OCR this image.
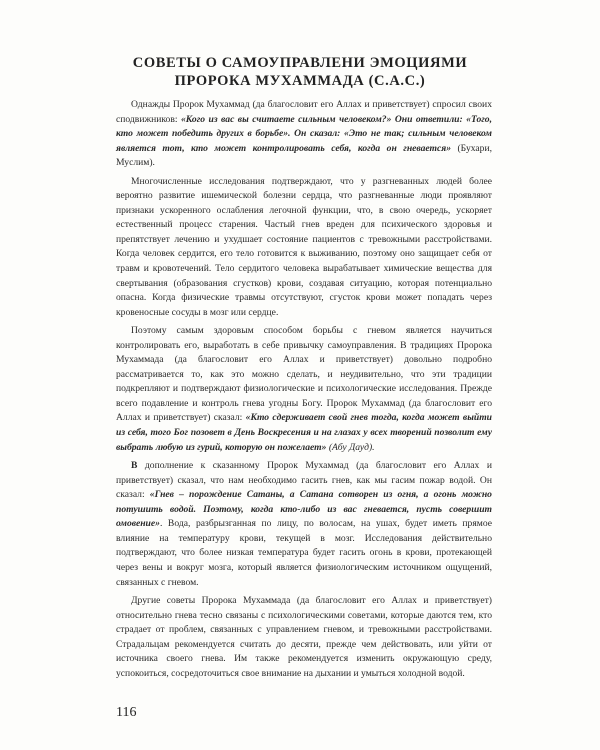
СОВЕТЫ О САМОУПРАВЛЕНИ ЭМОЦИЯМИ
ПРОРОКА МУХАММАДА (С.А.С.)

Однажды Пророк Мухаммад (да благословит его Аллах и приветствует) спросил своих сподвижников: «Кого из вас вы считаете сильным человеком?» Они ответили: «Того, кто может победить других в борьбе». Он сказал: «Это не так; сильным человеком является тот, кто может контролировать себя, когда он гневается» (Бухари, Муслим).

Многочисленные исследования подтверждают, что у разгневанных людей более вероятно развитие ишемической болезни сердца, что разгневанные люди проявляют признаки ускоренного ослабления легочной функции, что, в свою очередь, ускоряет естественный процесс старения. Частый гнев вреден для психического здоровья и препятствует лечению и ухудшает состояние пациентов с тревожными расстройствами. Когда человек сердится, его тело готовится к выживанию, поэтому оно защищает себя от травм и кровотечений. Тело сердитого человека вырабатывает химические вещества для свертывания (образования сгустков) крови, создавая ситуацию, которая потенциально опасна. Когда физические травмы отсутствуют, сгусток крови может попадать через кровеносные сосуды в мозг или сердце.

Поэтому самым здоровым способом борьбы с гневом является научиться контролировать его, выработать в себе привычку самоуправления. В традициях Пророка Мухаммада (да благословит его Аллах и приветствует) довольно подробно рассматривается то, как это можно сделать, и неудивительно, что эти традиции подкрепляют и подтверждают физиологические и психологические исследования. Прежде всего подавление и контроль гнева угодны Богу. Пророк Мухаммад (да благословит его Аллах и приветствует) сказал: «Кто сдерживает свой гнев тогда, когда может выйти из себя, того Бог позовет в День Воскресения и на глазах у всех творений позволит ему выбрать любую из гурий, которую он пожелает» (Абу Дауд).

В дополнение к сказанному Пророк Мухаммад (да благословит его Аллах и приветствует) сказал, что нам необходимо гасить гнев, как мы гасим пожар водой. Он сказал: «Гнев – порождение Сатаны, а Сатана сотворен из огня, а огонь можно потушить водой. Поэтому, когда кто-либо из вас гневается, пусть совершит омовение». Вода, разбрызганная по лицу, по волосам, на ушах, будет иметь прямое влияние на температуру крови, текущей в мозг. Исследования действительно подтверждают, что более низкая температура будет гасить огонь в крови, протекающей через вены и вокруг мозга, который является физиологическим источником ощущений, связанных с гневом.

Другие советы Пророка Мухаммада (да благословит его Аллах и приветствует) относительно гнева тесно связаны с психологическими советами, которые даются тем, кто страдает от проблем, связанных с управлением гневом, и тревожными расстройствами. Страдальцам рекомендуется считать до десяти, прежде чем действовать, или уйти от источника своего гнева. Им также рекомендуется изменить окружающую среду, успокоиться, сосредоточиться свое внимание на дыхании и умыться холодной водой.

116
